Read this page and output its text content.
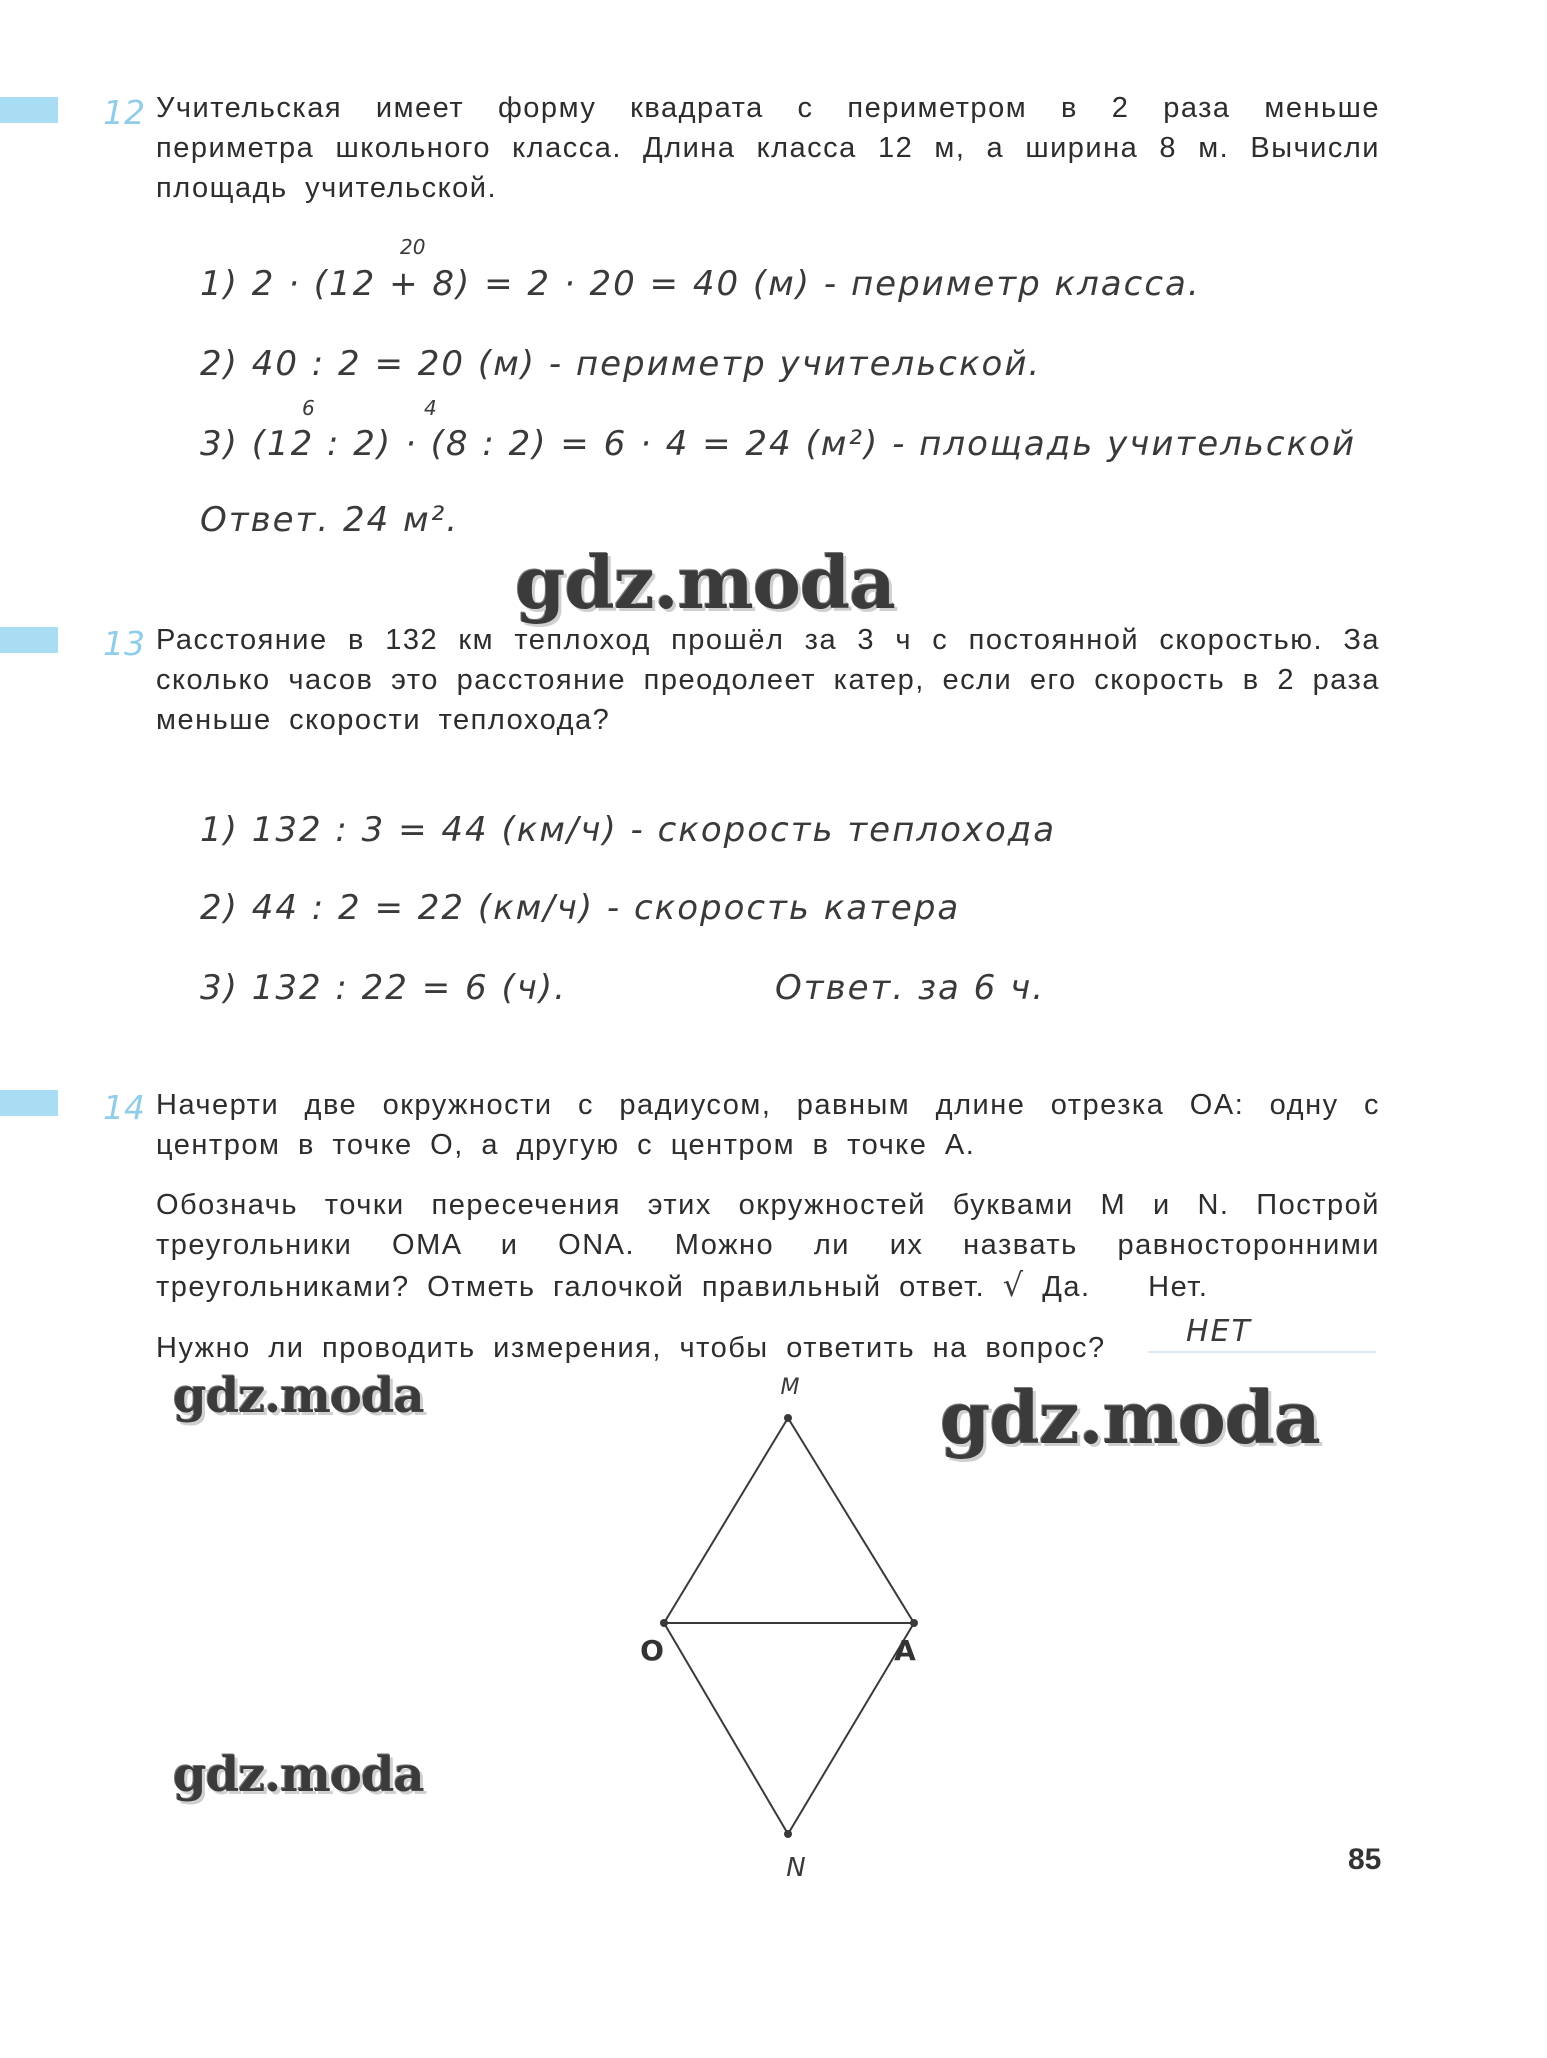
12 Учительская имеет форму квадрата с периметром в 2 раза меньше периметра школьного класса. Длина класса 12 м, а ширина 8 м. Вычисли площадь учительской.
20
1) 2 · (12 + 8) = 2 · 20 = 40 (м) - периметр класса.
2) 40 : 2 = 20 (м) - периметр учительской.
6	4
3) (12 : 2) · (8 : 2) = 6 · 4 = 24 (м²) - площадь учительской
Ответ. 24 м².
gdz.moda
13 Расстояние в 132 км теплоход прошёл за 3 ч с постоянной скоростью. За сколько часов это расстояние преодолеет катер, если его скорость в 2 раза меньше скорости теплохода?
1) 132 : 3 = 44 (км/ч) - скорость теплохода
2) 44 : 2 = 22 (км/ч) - скорость катера
3) 132 : 22 = 6 (ч).	Ответ. за 6 ч.
14 Начерти две окружности с радиусом, равным длине отрезка OA: одну с центром в точке O, а другую с центром в точке A.
Обозначь точки пересечения этих окружностей буквами M и N. Построй треугольники OMA и ONA. Можно ли их назвать равносторонними треугольниками? Отметь галочкой правильный ответ. √ Да. Нет.
Нужно ли проводить измерения, чтобы ответить на вопрос?	НЕТ
gdz.moda
gdz.moda
gdz.moda
M
O	A
N	85
